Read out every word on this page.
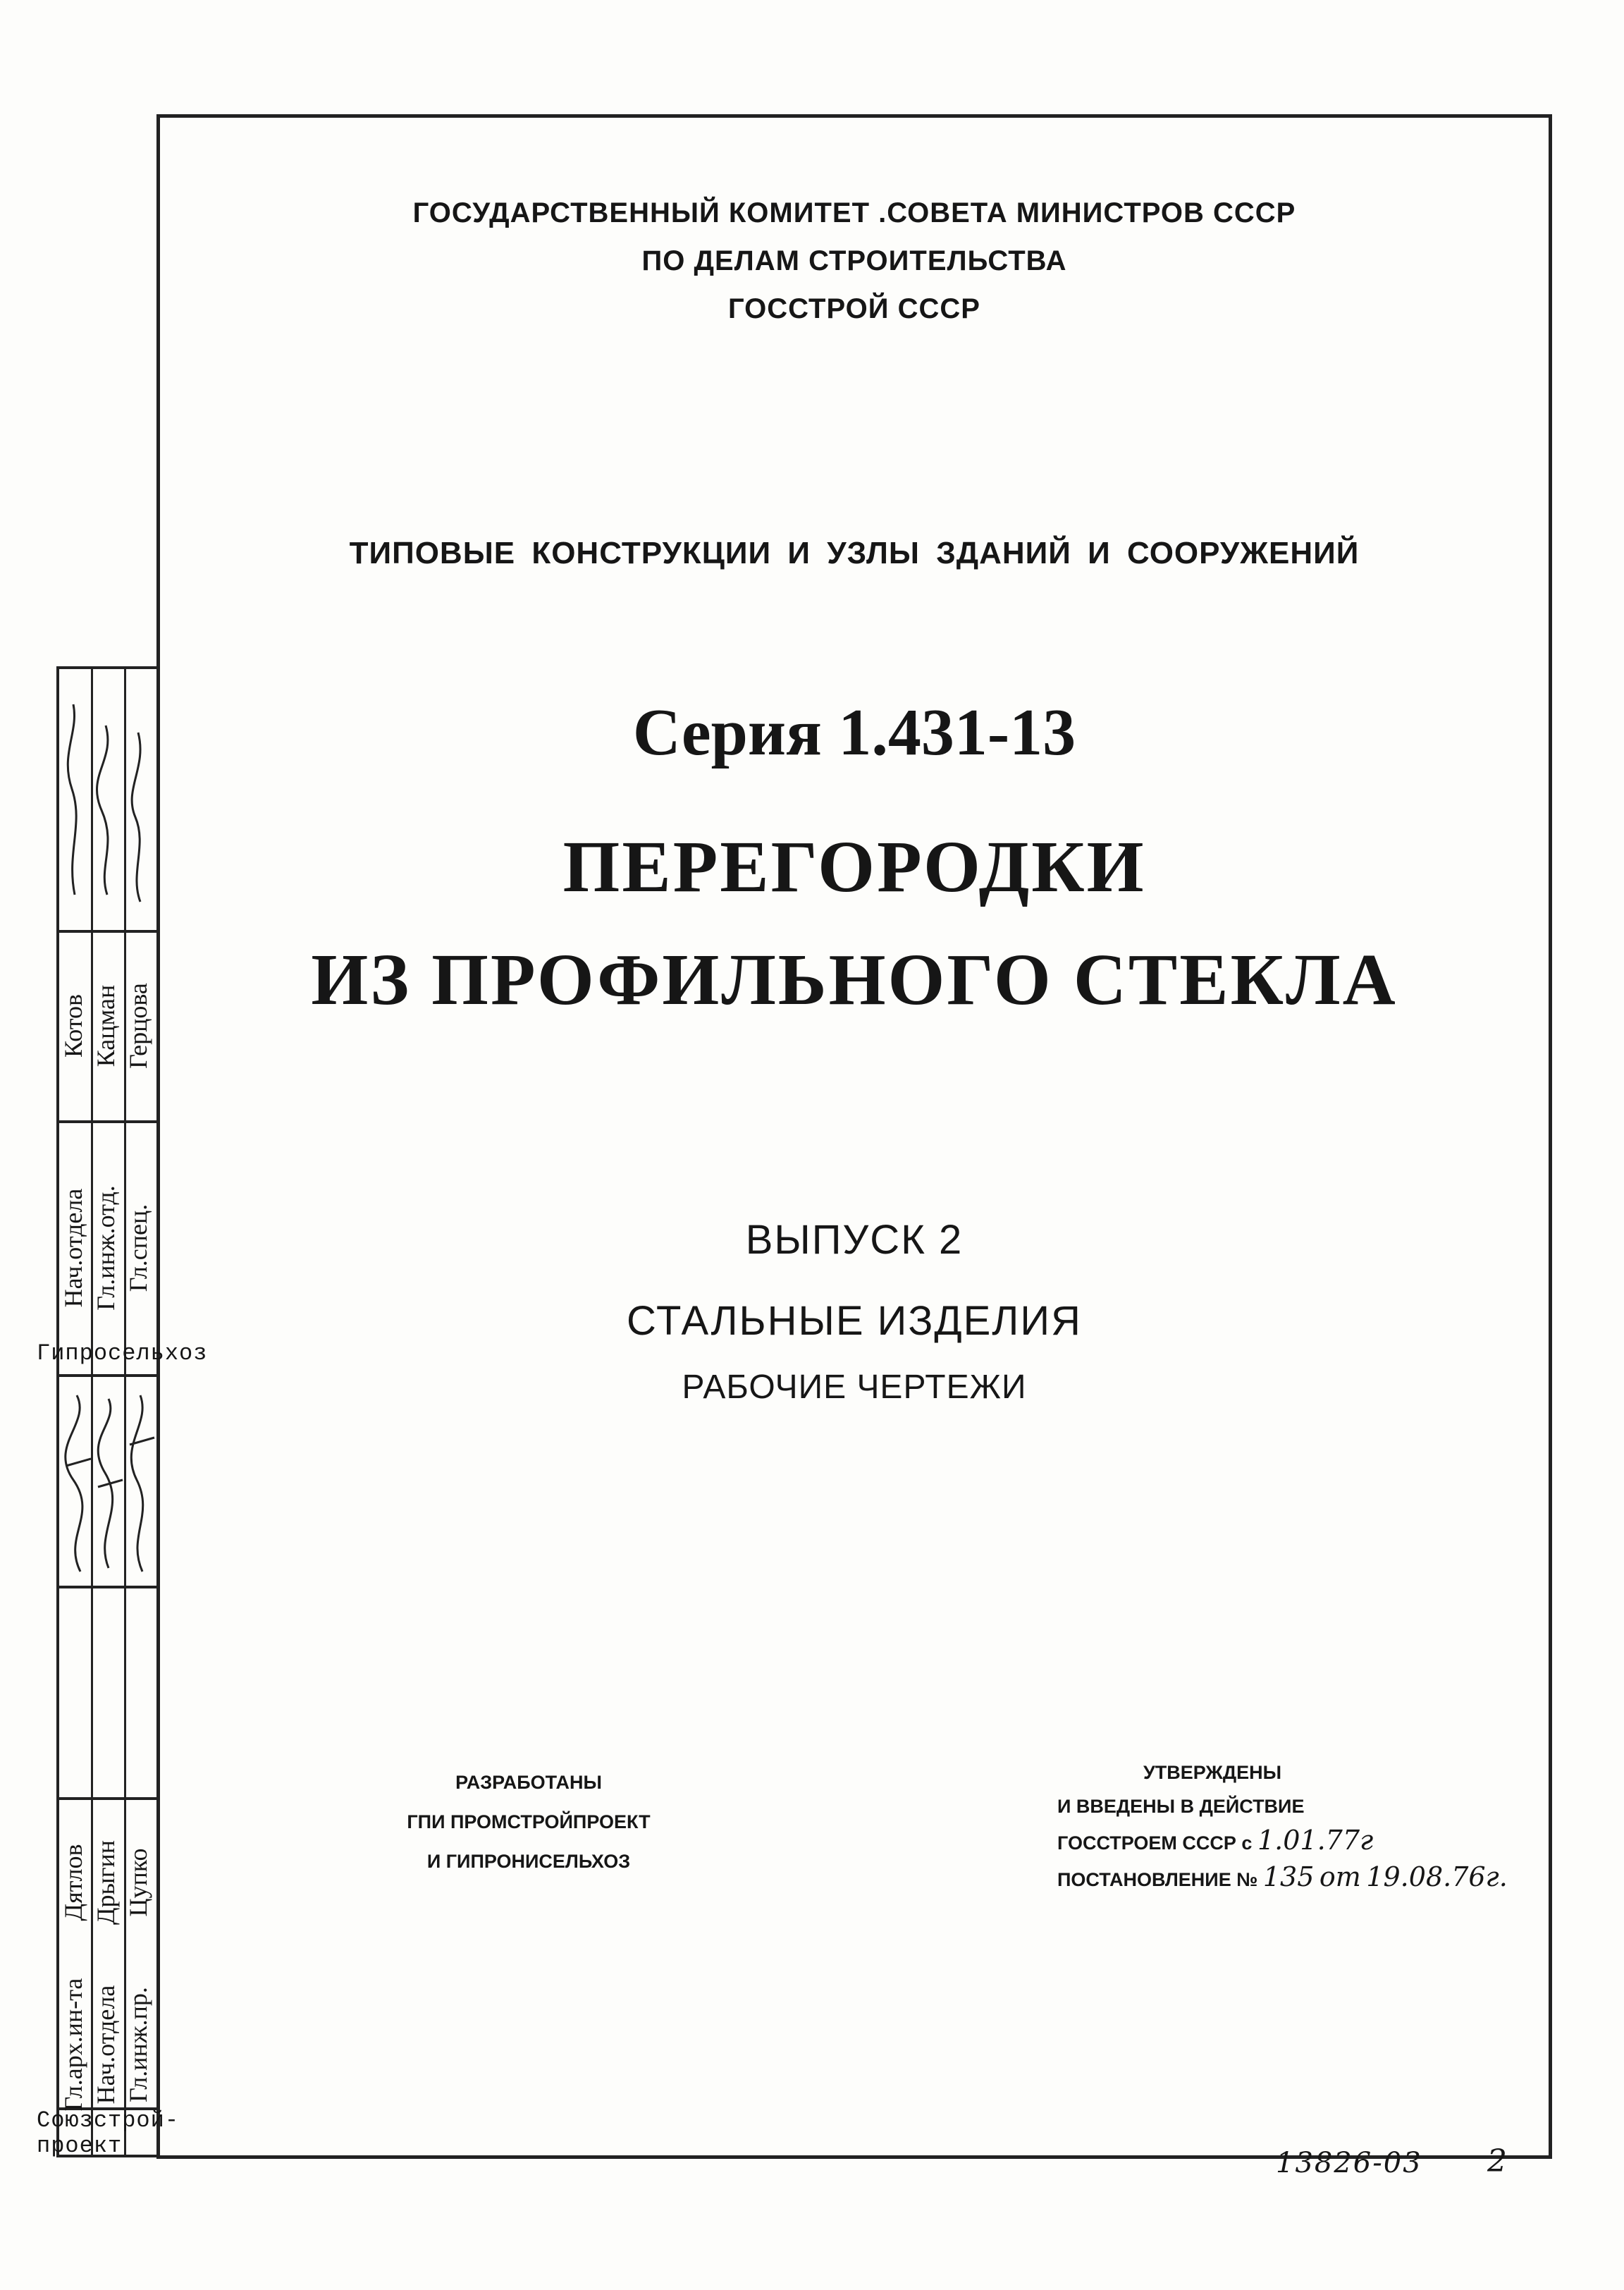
ГОСУДАРСТВЕННЫЙ КОМИТЕТ .СОВЕТА МИНИСТРОВ СССР
ПО ДЕЛАМ СТРОИТЕЛЬСТВА
ГОССТРОЙ СССР
ТИПОВЫЕ КОНСТРУКЦИИ И УЗЛЫ ЗДАНИЙ И СООРУЖЕНИЙ
Серия 1.431-13
ПЕРЕГОРОДКИ
ИЗ ПРОФИЛЬНОГО СТЕКЛА
ВЫПУСК 2
СТАЛЬНЫЕ ИЗДЕЛИЯ
РАБОЧИЕ ЧЕРТЕЖИ
РАЗРАБОТАНЫ
ГПИ ПРОМСТРОЙПРОЕКТ
И ГИПРОНИСЕЛЬХОЗ
УТВЕРЖДЕНЫ
И ВВЕДЕНЫ В ДЕЙСТВИЕ
ГОССТРОЕМ СССР с 1.01.77г
ПОСТАНОВЛЕНИЕ № 135 от 19.08.76г.
Котов Кацман Герцова
Нач.отдела Гл.инж.отд. Гл.спец.
Дятлов Дрыгин Цупко
Гл.арх.ин-та Нач.отдела Гл.инж.пр.
Гипросельхоз
Союзстрой-проект
13826-03 2
